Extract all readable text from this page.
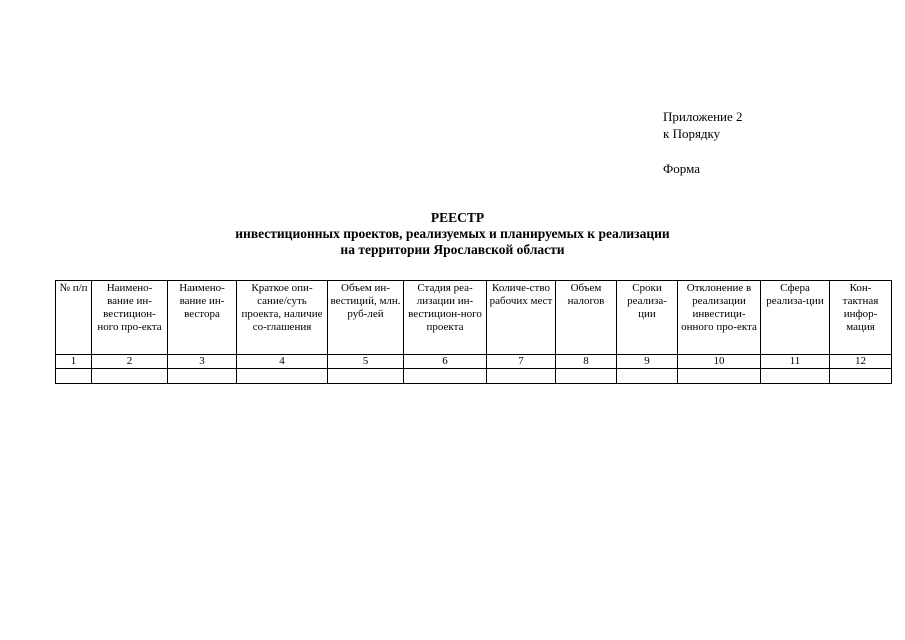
Приложение 2
к Порядку
Форма
РЕЕСТР
инвестиционных проектов, реализуемых и планируемых к реализации
на территории Ярославской области
№ п/п	Наимено-вание ин-вестицион-ного про-екта	Наимено-вание ин-вестора	Краткое опи-сание/суть проекта, наличие со-глашения	Объем ин-вестиций, млн. руб-лей	Стадия реа-лизации ин-вестицион-ного проекта	Количе-ство рабочих мест	Объем налогов	Сроки реализа-ции	Отклонение в реализации инвестици-онного про-екта	Сфера реализа-ции	Кон-тактная инфор-мация
1	2	3	4	5	6	7	8	9	10	11	12
